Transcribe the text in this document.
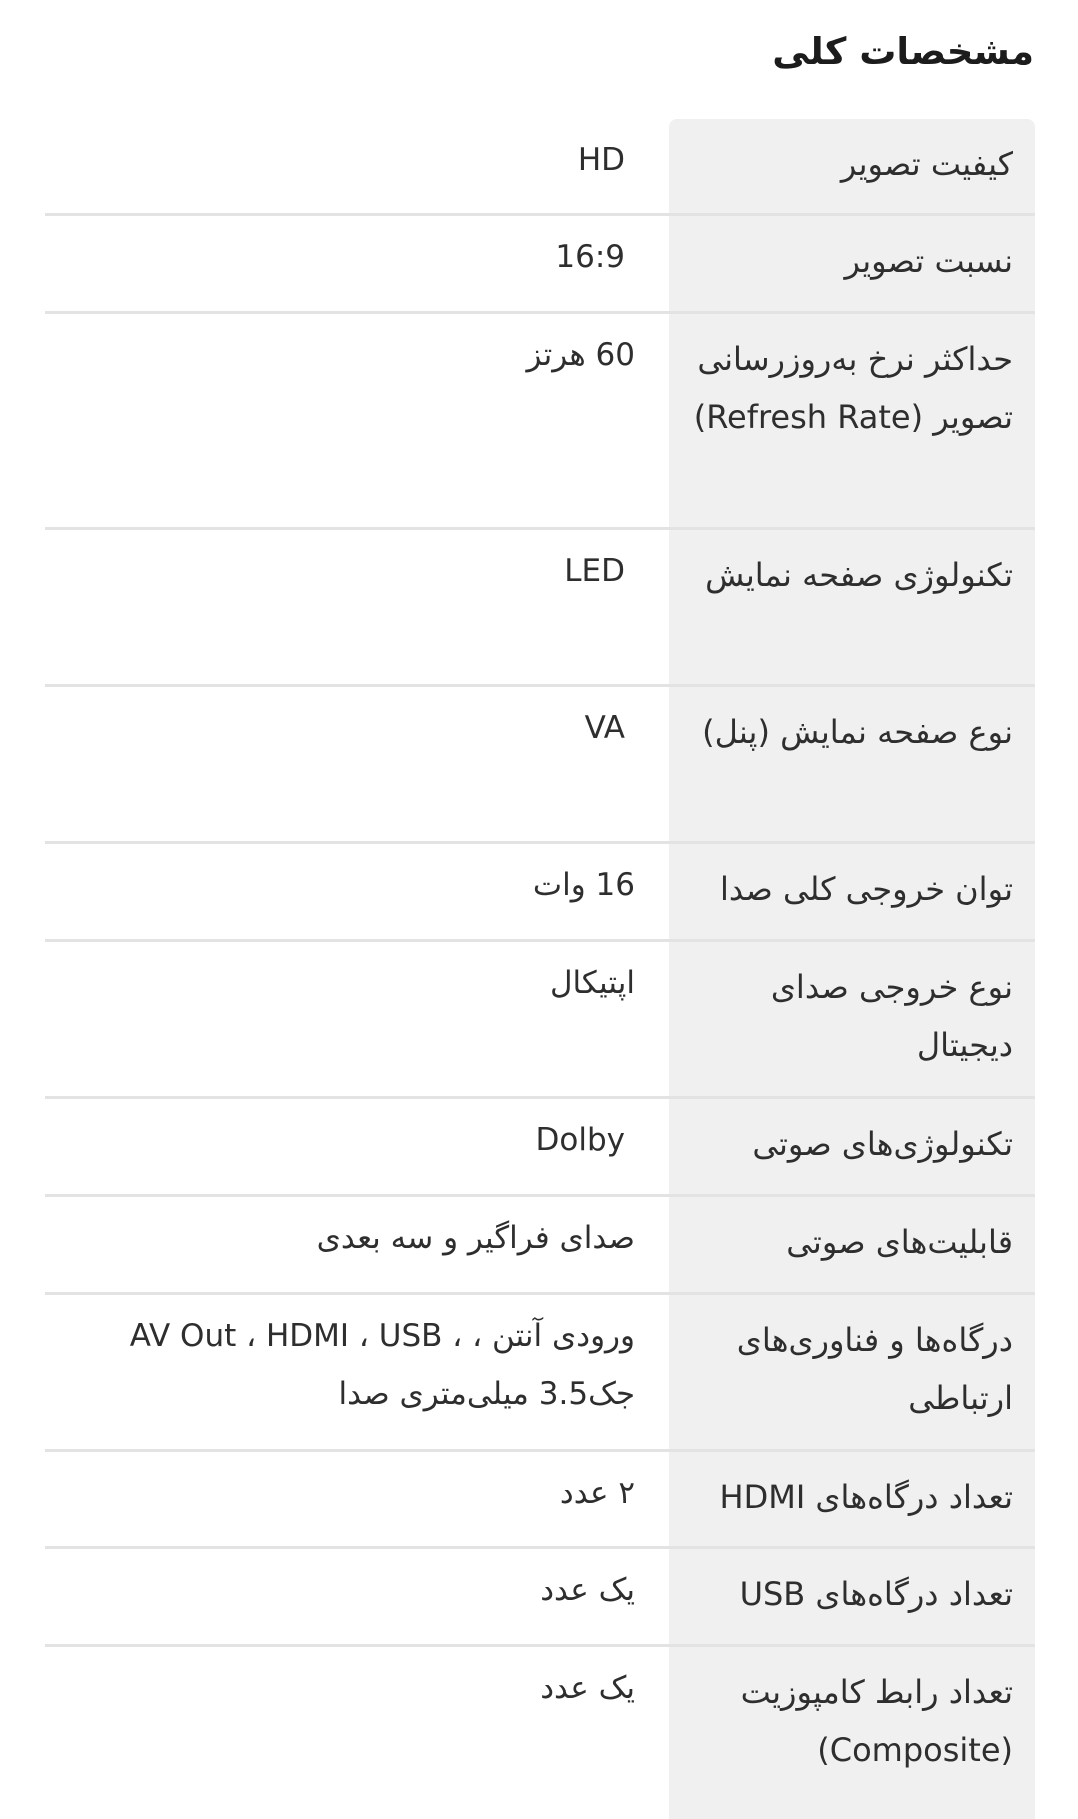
مشخصات کلی
کیفیت تصویر
HD
نسبت تصویر
16:9
حداکثر نرخ به‌روزرسانی تصویر (Refresh Rate)
60 هرتز
تکنولوژی صفحه نمایش
LED
نوع صفحه نمایش (پنل)
VA
توان خروجی کلی صدا
16 وات
نوع خروجی صدای دیجیتال
اپتیکال
تکنولوژی‌های صوتی
Dolby
قابلیت‌های صوتی
صدای فراگیر و سه بعدی
درگاه‌ها و فناوری‌های ارتباطی
ورودی آنتن ، ، AV Out ، HDMI ، USB جک3.5 میلی‌متری صدا
تعداد درگاه‌های HDMI
۲ عدد
تعداد درگاه‌های USB
یک عدد
تعداد رابط کامپوزیت (Composite)
یک عدد
